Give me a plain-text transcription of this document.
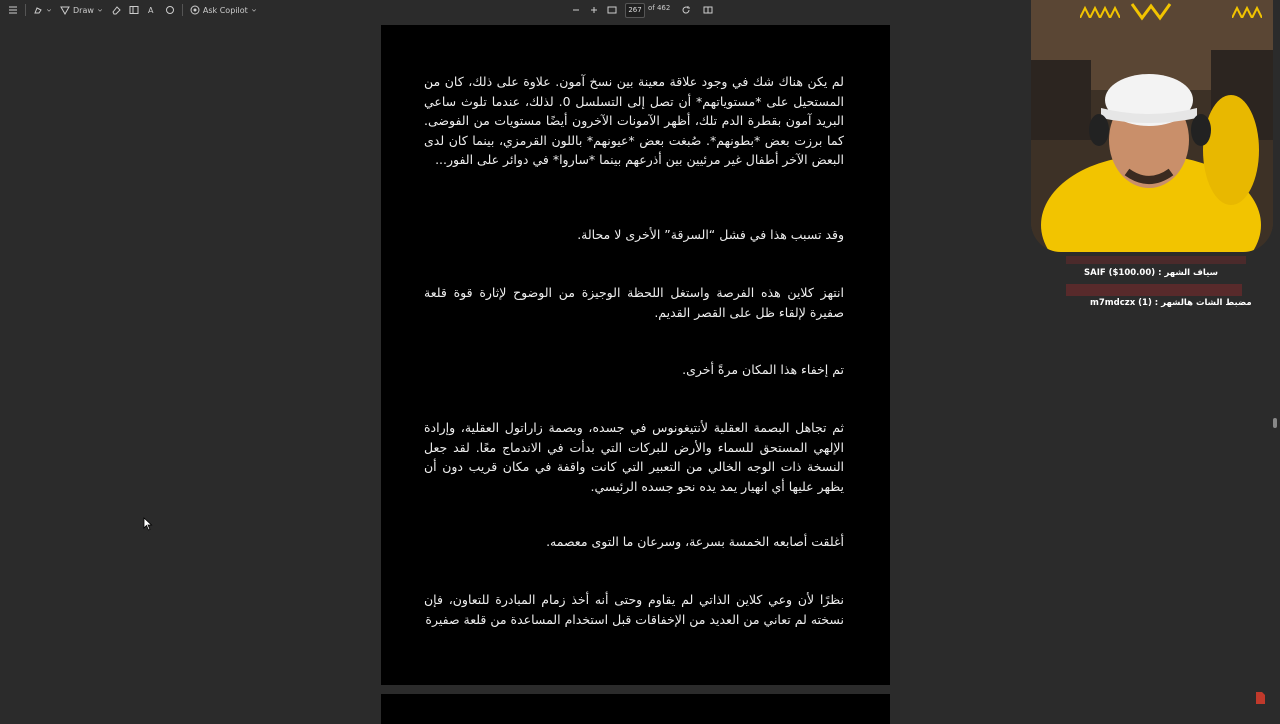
Draw	A	Ask Copilot	267 of 462
لم يكن هناك شك في وجود علاقة معينة بين نسخ آمون. علاوة على ذلك، كان من المستحيل على *مستوياتهم* أن تصل إلى التسلسل 0. لذلك، عندما تلوث ساعي البريد آمون بقطرة الدم تلك، أظهر الآمونات الآخرون أيضًا مستويات من الفوضى. كما برزت بعض *بطونهم*. صُبغت بعض *عيونهم* باللون القرمزي، بينما كان لدى البعض الآخر أطفال غير مرئيين بين أذرعهم بينما *ساروا* في دوائر على الفور...
وقد تسبب هذا في فشل “السرقة” الأخرى لا محالة.
انتهز كلاين هذه الفرصة واستغل اللحظة الوجيزة من الوضوح لإثارة قوة قلعة صفيرة لإلقاء ظل على القصر القديم.
تم إخفاء هذا المكان مرةً أخرى.
ثم تجاهل البصمة العقلية لأنتيغونوس في جسده، وبصمة زاراتول العقلية، وإرادة الإلهي المستحق للسماء والأرض للبركات التي بدأت في الاندماج معًا. لقد جعل النسخة ذات الوجه الخالي من التعبير التي كانت واقفة في مكان قريب دون أن يظهر عليها أي انهيار يمد يده نحو جسده الرئيسي.
أغلقت أصابعه الخمسة بسرعة، وسرعان ما التوى معصمه.
نظرًا لأن وعي كلاين الذاتي لم يقاوم وحتى أنه أخذ زمام المبادرة للتعاون، فإن نسخته لم تعاني من العديد من الإخفاقات قبل استخدام المساعدة من قلعة صفيرة
SAIF ($100.00) : سياف الشهر
m7mdczx (1) : مضبط الشات هالشهر
